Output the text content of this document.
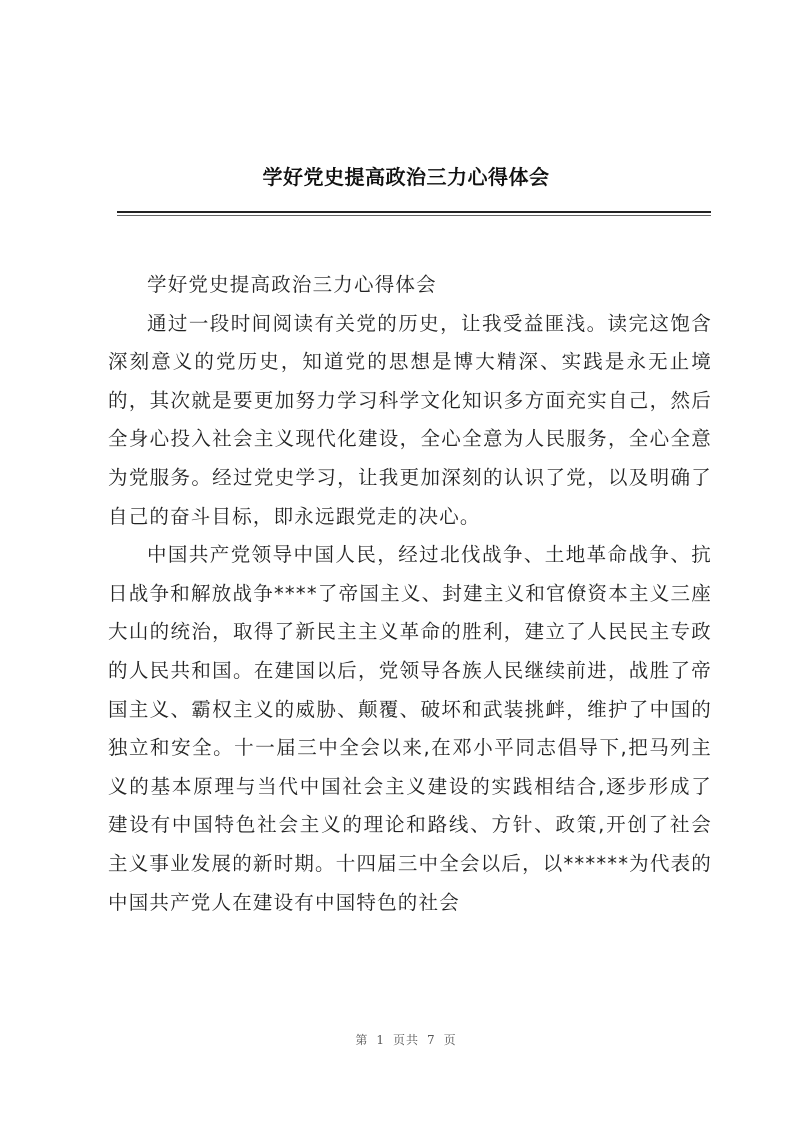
学好党史提高政治三力心得体会

学好党史提高政治三力心得体会

通过一段时间阅读有关党的历史，让我受益匪浅。读完这饱含深刻意义的党历史，知道党的思想是博大精深、实践是永无止境的，其次就是要更加努力学习科学文化知识多方面充实自己，然后全身心投入社会主义现代化建设，全心全意为人民服务，全心全意为党服务。经过党史学习，让我更加深刻的认识了党，以及明确了自己的奋斗目标，即永远跟党走的决心。

中国共产党领导中国人民，经过北伐战争、土地革命战争、抗日战争和解放战争****了帝国主义、封建主义和官僚资本主义三座大山的统治，取得了新民主主义革命的胜利，建立了人民民主专政的人民共和国。在建国以后，党领导各族人民继续前进，战胜了帝国主义、霸权主义的威胁、颠覆、破坏和武装挑衅，维护了中国的独立和安全。十一届三中全会以来,在邓小平同志倡导下,把马列主义的基本原理与当代中国社会主义建设的实践相结合,逐步形成了建设有中国特色社会主义的理论和路线、方针、政策,开创了社会主义事业发展的新时期。十四届三中全会以后，以******为代表的中国共产党人在建设有中国特色的社会

第 1 页共 7 页
